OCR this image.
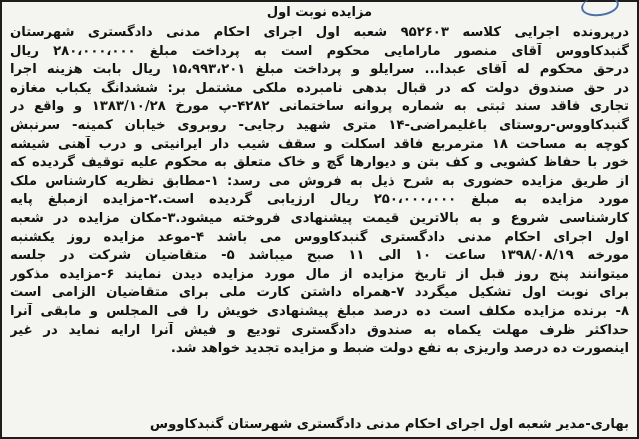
مزایده نوبت اول
درپرونده اجرایی کلاسه ۹۵۲۶۰۳ شعبه اول اجرای احکام مدنی دادگستری شهرستان
گنبدکاووس آقای منصور مارامایی محکوم است به پرداخت مبلغ ۲۸۰،۰۰۰،۰۰۰ ریال
درحق محکوم له آقای عبدا... سرایلو و پرداخت مبلغ ۱۵،۹۹۳،۲۰۱ ریال بابت هزینه اجرا
در حق صندوق دولت که در قبال بدهی نامبرده ملکی مشتمل بر: ششدانگ یکباب مغازه
تجاری فاقد سند ثبتی به شماره پروانه ساختمانی ۴۲۸۲-پ مورخ ۱۳۸۳/۱۰/۲۸ و واقع در
گنبدکاووس-روستای باغلیمراضی-۱۴ متری شهید رجایی- روبروی خیابان کمینه- سرنبش
کوچه به مساحت ۱۸ مترمربع فاقد اسکلت و سقف شیب دار ایرانیتی و درب آهنی شیشه
خور با حفاظ کشویی و کف بتن و دیوارها گچ و خاک متعلق به محکوم علیه توقیف گردیده که
از طریق مزایده حضوری به شرح ذیل به فروش می رسد: ۱-مطابق نظریه کارشناس ملک
مورد مزایده به مبلغ ۲۵۰،۰۰۰،۰۰۰ ریال ارزیابی گردیده است.۲-مزایده ازمبلغ پایه
کارشناسی شروع و به بالاترین قیمت پیشنهادی فروخته میشود.۳-مکان مزایده در شعبه
اول اجرای احکام مدنی دادگستری گنبدکاووس می باشد ۴-موعد مزایده روز یکشنبه
مورخه ۱۳۹۸/۰۸/۱۹ ساعت ۱۰ الی ۱۱ صبح میباشد ۵- متقاضیان شرکت در جلسه
میتوانند پنج روز قبل از تاریخ مزایده از مال مورد مزایده دیدن نمایند ۶-مزایده مذکور
برای نوبت اول تشکیل میگردد ۷-همراه داشتن کارت ملی برای متقاضیان الزامی است
۸- برنده مزایده مکلف است ده درصد مبلغ پیشنهادی خویش را فی المجلس و مابقی آنرا
حداکثر ظرف مهلت یکماه به صندوق دادگستری تودیع و فیش آنرا ارایه نماید در غیر
اینصورت ده درصد واریزی به نفع دولت ضبط و مزایده تجدید خواهد شد.
بهاری-مدیر شعبه اول اجرای احکام مدنی دادگستری شهرستان گنبدکاووس
